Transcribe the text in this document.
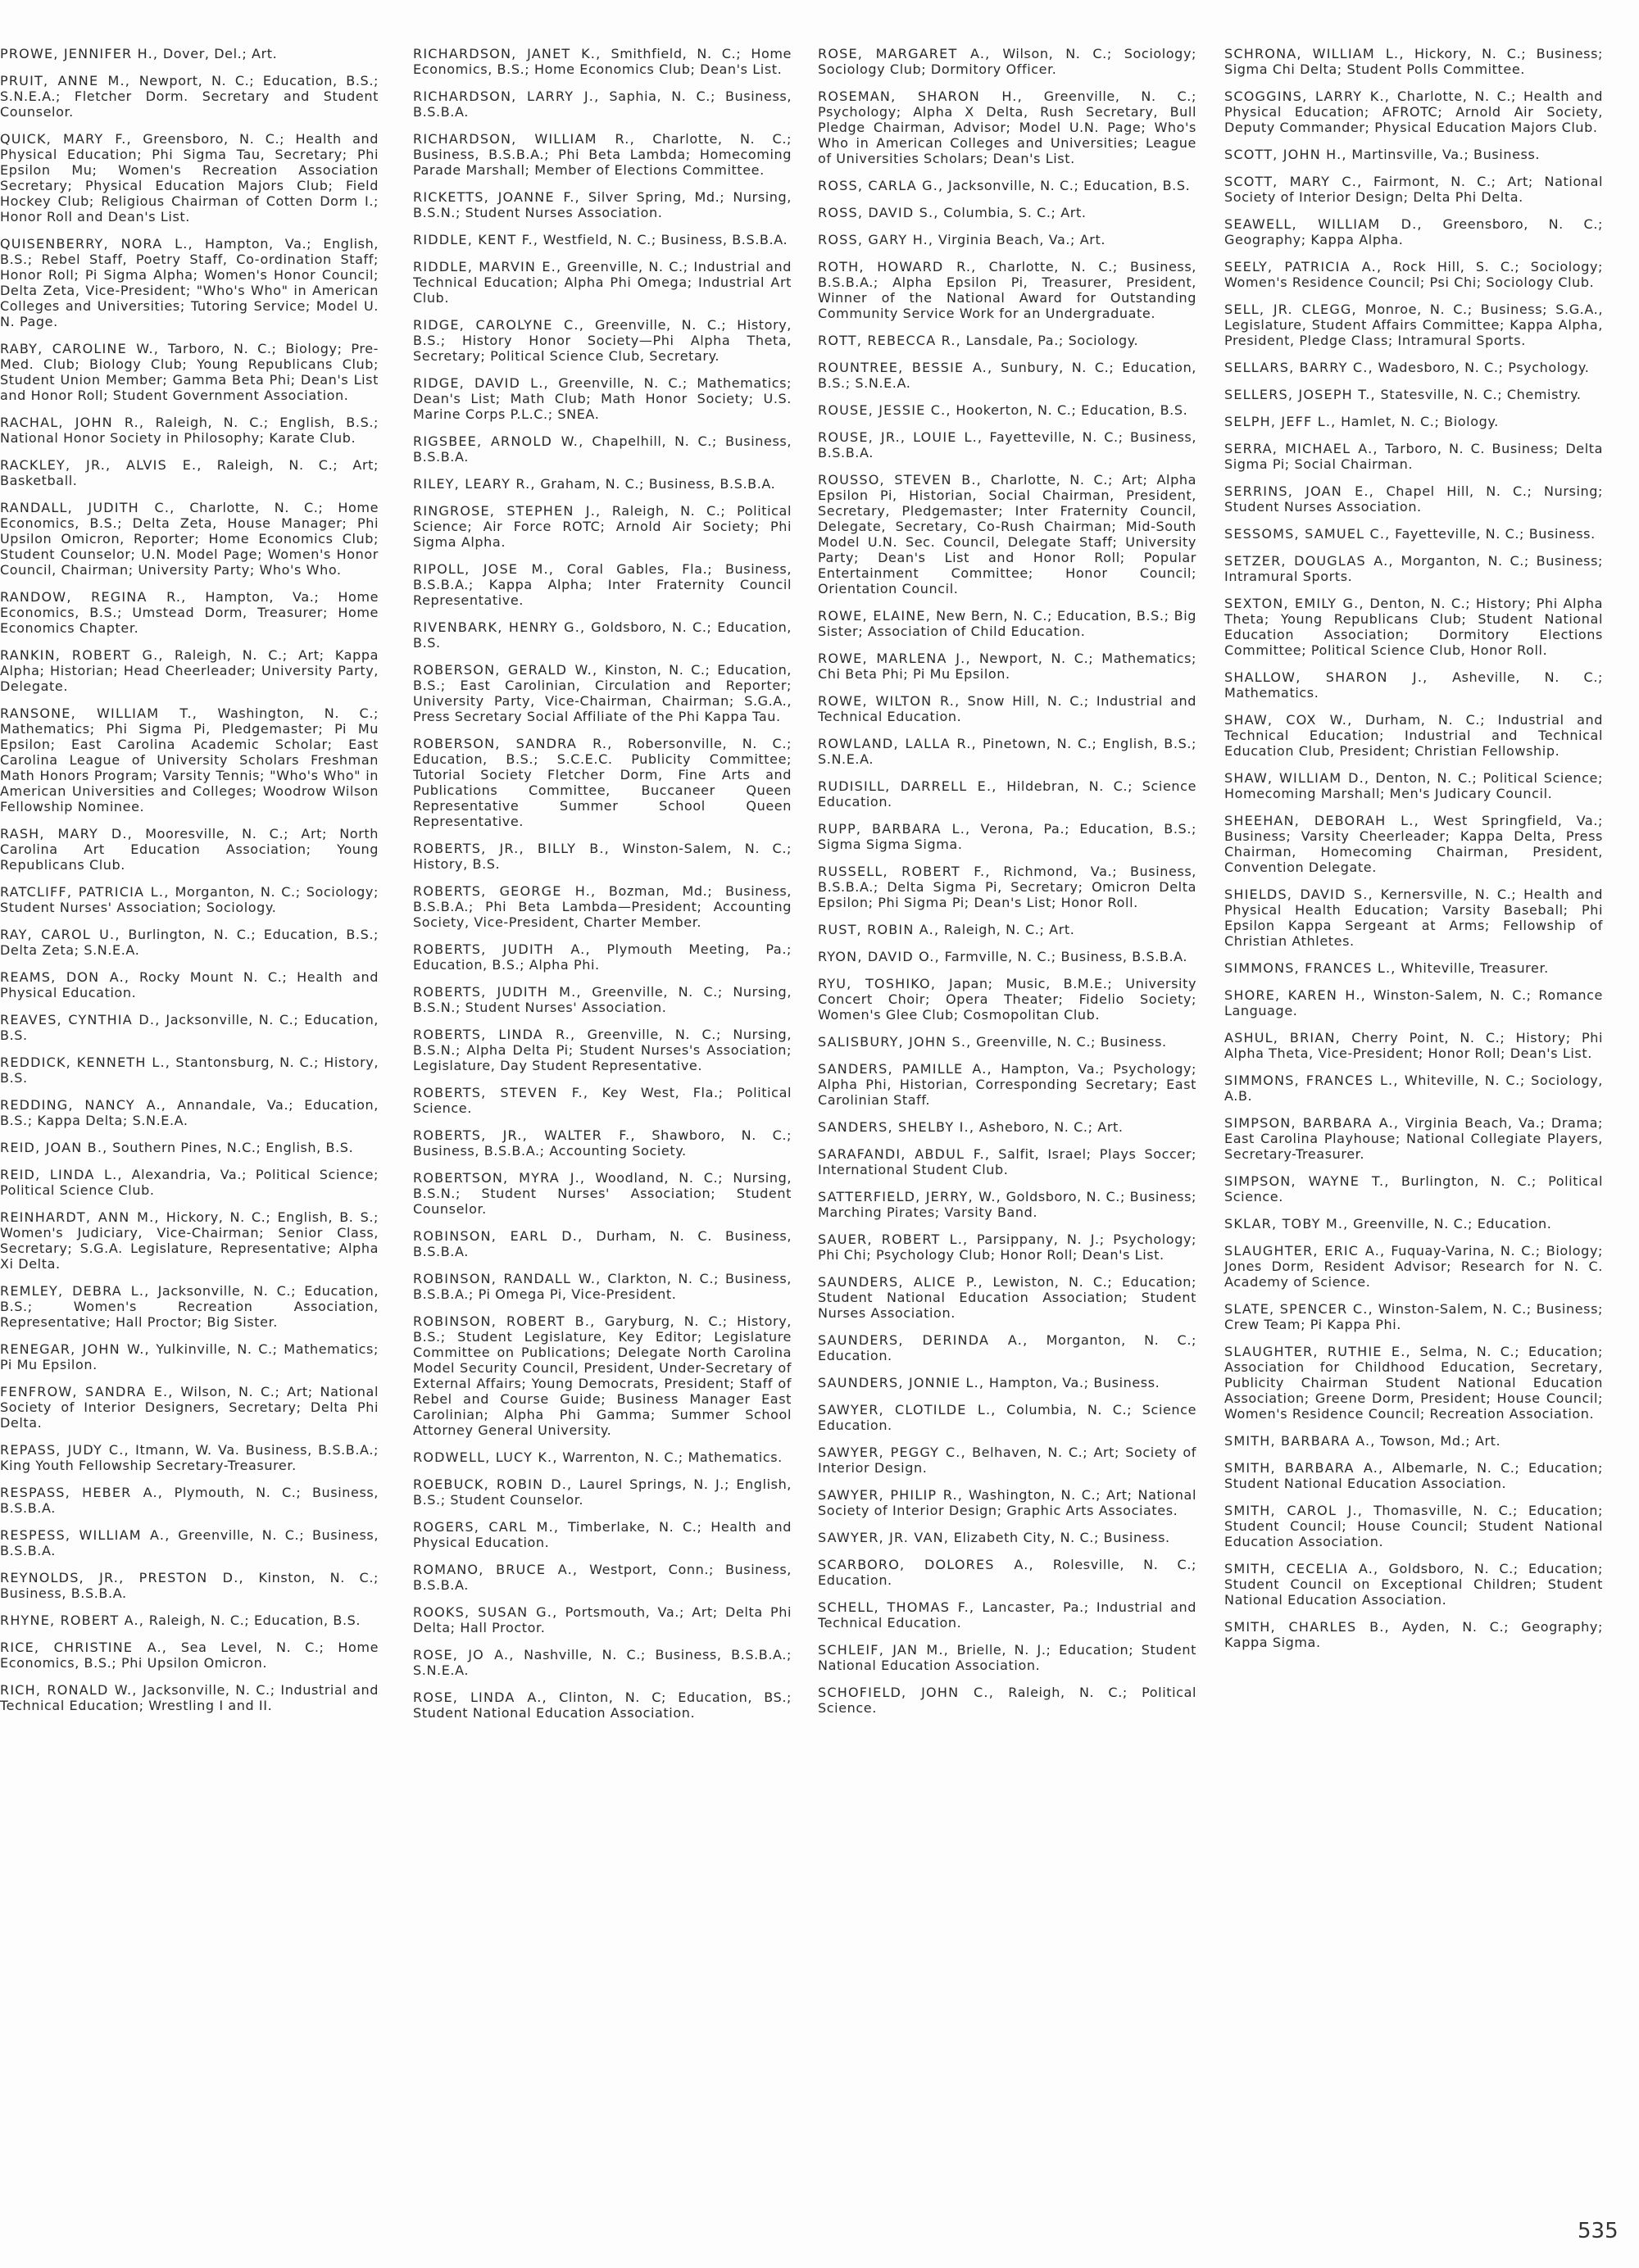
PROWE, JENNIFER H., Dover, Del.; Art.
PRUIT, ANNE M., Newport, N. C.; Education, B.S.; S.N.E.A.; Fletcher Dorm. Secretary and Student Counselor.
QUICK, MARY F., Greensboro, N. C.; Health and Physical Education; Phi Sigma Tau, Secretary; Phi Epsilon Mu; Women's Recreation Association Secretary; Physical Education Majors Club; Field Hockey Club; Religious Chairman of Cotten Dorm I.; Honor Roll and Dean's List.
QUISENBERRY, NORA L., Hampton, Va.; English, B.S.; Rebel Staff, Poetry Staff, Co-ordination Staff; Honor Roll; Pi Sigma Alpha; Women's Honor Council; Delta Zeta, Vice-President; "Who's Who" in American Colleges and Universities; Tutoring Service; Model U. N. Page.
RABY, CAROLINE W., Tarboro, N. C.; Biology; Pre-Med. Club; Biology Club; Young Republicans Club; Student Union Member; Gamma Beta Phi; Dean's List and Honor Roll; Student Government Association.
RACHAL, JOHN R., Raleigh, N. C.; English, B.S.; National Honor Society in Philosophy; Karate Club.
RACKLEY, JR., ALVIS E., Raleigh, N. C.; Art; Basketball.
RANDALL, JUDITH C., Charlotte, N. C.; Home Economics, B.S.; Delta Zeta, House Manager; Phi Upsilon Omicron, Reporter; Home Economics Club; Student Counselor; U.N. Model Page; Women's Honor Council, Chairman; University Party; Who's Who.
RANDOW, REGINA R., Hampton, Va.; Home Economics, B.S.; Umstead Dorm, Treasurer; Home Economics Chapter.
RANKIN, ROBERT G., Raleigh, N. C.; Art; Kappa Alpha; Historian; Head Cheerleader; University Party, Delegate.
RANSONE, WILLIAM T., Washington, N. C.; Mathematics; Phi Sigma Pi, Pledgemaster; Pi Mu Epsilon; East Carolina Academic Scholar; East Carolina League of University Scholars Freshman Math Honors Program; Varsity Tennis; "Who's Who" in American Universities and Colleges; Woodrow Wilson Fellowship Nominee.
RASH, MARY D., Mooresville, N. C.; Art; North Carolina Art Education Association; Young Republicans Club.
RATCLIFF, PATRICIA L., Morganton, N. C.; Sociology; Student Nurses' Association; Sociology.
RAY, CAROL U., Burlington, N. C.; Education, B.S.; Delta Zeta; S.N.E.A.
REAMS, DON A., Rocky Mount N. C.; Health and Physical Education.
REAVES, CYNTHIA D., Jacksonville, N. C.; Education, B.S.
REDDICK, KENNETH L., Stantonsburg, N. C.; History, B.S.
REDDING, NANCY A., Annandale, Va.; Education, B.S.; Kappa Delta; S.N.E.A.
REID, JOAN B., Southern Pines, N.C.; English, B.S.
REID, LINDA L., Alexandria, Va.; Political Science; Political Science Club.
REINHARDT, ANN M., Hickory, N. C.; English, B. S.; Women's Judiciary, Vice-Chairman; Senior Class, Secretary; S.G.A. Legislature, Representative; Alpha Xi Delta.
REMLEY, DEBRA L., Jacksonville, N. C.; Education, B.S.; Women's Recreation Association, Representative; Hall Proctor; Big Sister.
RENEGAR, JOHN W., Yulkinville, N. C.; Mathematics; Pi Mu Epsilon.
FENFROW, SANDRA E., Wilson, N. C.; Art; National Society of Interior Designers, Secretary; Delta Phi Delta.
REPASS, JUDY C., Itmann, W. Va. Business, B.S.B.A.; King Youth Fellowship Secretary-Treasurer.
RESPASS, HEBER A., Plymouth, N. C.; Business, B.S.B.A.
RESPESS, WILLIAM A., Greenville, N. C.; Business, B.S.B.A.
REYNOLDS, JR., PRESTON D., Kinston, N. C.; Business, B.S.B.A.
RHYNE, ROBERT A., Raleigh, N. C.; Education, B.S.
RICE, CHRISTINE A., Sea Level, N. C.; Home Economics, B.S.; Phi Upsilon Omicron.
RICH, RONALD W., Jacksonville, N. C.; Industrial and Technical Education; Wrestling I and II.
RICHARDSON, JANET K., Smithfield, N. C.; Home Economics, B.S.; Home Economics Club; Dean's List.
RICHARDSON, LARRY J., Saphia, N. C.; Business, B.S.B.A.
RICHARDSON, WILLIAM R., Charlotte, N. C.; Business, B.S.B.A.; Phi Beta Lambda; Homecoming Parade Marshall; Member of Elections Committee.
RICKETTS, JOANNE F., Silver Spring, Md.; Nursing, B.S.N.; Student Nurses Association.
RIDDLE, KENT F., Westfield, N. C.; Business, B.S.B.A.
RIDDLE, MARVIN E., Greenville, N. C.; Industrial and Technical Education; Alpha Phi Omega; Industrial Art Club.
RIDGE, CAROLYNE C., Greenville, N. C.; History, B.S.; History Honor Society—Phi Alpha Theta, Secretary; Political Science Club, Secretary.
RIDGE, DAVID L., Greenville, N. C.; Mathematics; Dean's List; Math Club; Math Honor Society; U.S. Marine Corps P.L.C.; SNEA.
RIGSBEE, ARNOLD W., Chapelhill, N. C.; Business, B.S.B.A.
RILEY, LEARY R., Graham, N. C.; Business, B.S.B.A.
RINGROSE, STEPHEN J., Raleigh, N. C.; Political Science; Air Force ROTC; Arnold Air Society; Phi Sigma Alpha.
RIPOLL, JOSE M., Coral Gables, Fla.; Business, B.S.B.A.; Kappa Alpha; Inter Fraternity Council Representative.
RIVENBARK, HENRY G., Goldsboro, N. C.; Education, B.S.
ROBERSON, GERALD W., Kinston, N. C.; Education, B.S.; East Carolinian, Circulation and Reporter; University Party, Vice-Chairman, Chairman; S.G.A., Press Secretary Social Affiliate of the Phi Kappa Tau.
ROBERSON, SANDRA R., Robersonville, N. C.; Education, B.S.; S.C.E.C. Publicity Committee; Tutorial Society Fletcher Dorm, Fine Arts and Publications Committee, Buccaneer Queen Representative Summer School Queen Representative.
ROBERTS, JR., BILLY B., Winston-Salem, N. C.; History, B.S.
ROBERTS, GEORGE H., Bozman, Md.; Business, B.S.B.A.; Phi Beta Lambda—President; Accounting Society, Vice-President, Charter Member.
ROBERTS, JUDITH A., Plymouth Meeting, Pa.; Education, B.S.; Alpha Phi.
ROBERTS, JUDITH M., Greenville, N. C.; Nursing, B.S.N.; Student Nurses' Association.
ROBERTS, LINDA R., Greenville, N. C.; Nursing, B.S.N.; Alpha Delta Pi; Student Nurses's Association; Legislature, Day Student Representative.
ROBERTS, STEVEN F., Key West, Fla.; Political Science.
ROBERTS, JR., WALTER F., Shawboro, N. C.; Business, B.S.B.A.; Accounting Society.
ROBERTSON, MYRA J., Woodland, N. C.; Nursing, B.S.N.; Student Nurses' Association; Student Counselor.
ROBINSON, EARL D., Durham, N. C. Business, B.S.B.A.
ROBINSON, RANDALL W., Clarkton, N. C.; Business, B.S.B.A.; Pi Omega Pi, Vice-President.
ROBINSON, ROBERT B., Garyburg, N. C.; History, B.S.; Student Legislature, Key Editor; Legislature Committee on Publications; Delegate North Carolina Model Security Council, President, Under-Secretary of External Affairs; Young Democrats, President; Staff of Rebel and Course Guide; Business Manager East Carolinian; Alpha Phi Gamma; Summer School Attorney General University.
RODWELL, LUCY K., Warrenton, N. C.; Mathematics.
ROEBUCK, ROBIN D., Laurel Springs, N. J.; English, B.S.; Student Counselor.
ROGERS, CARL M., Timberlake, N. C.; Health and Physical Education.
ROMANO, BRUCE A., Westport, Conn.; Business, B.S.B.A.
ROOKS, SUSAN G., Portsmouth, Va.; Art; Delta Phi Delta; Hall Proctor.
ROSE, JO A., Nashville, N. C.; Business, B.S.B.A.; S.N.E.A.
ROSE, LINDA A., Clinton, N. C; Education, BS.; Student National Education Association.
ROSE, MARGARET A., Wilson, N. C.; Sociology; Sociology Club; Dormitory Officer.
ROSEMAN, SHARON H., Greenville, N. C.; Psychology; Alpha X Delta, Rush Secretary, Bull Pledge Chairman, Advisor; Model U.N. Page; Who's Who in American Colleges and Universities; League of Universities Scholars; Dean's List.
ROSS, CARLA G., Jacksonville, N. C.; Education, B.S.
ROSS, DAVID S., Columbia, S. C.; Art.
ROSS, GARY H., Virginia Beach, Va.; Art.
ROTH, HOWARD R., Charlotte, N. C.; Business, B.S.B.A.; Alpha Epsilon Pi, Treasurer, President, Winner of the National Award for Outstanding Community Service Work for an Undergraduate.
ROTT, REBECCA R., Lansdale, Pa.; Sociology.
ROUNTREE, BESSIE A., Sunbury, N. C.; Education, B.S.; S.N.E.A.
ROUSE, JESSIE C., Hookerton, N. C.; Education, B.S.
ROUSE, JR., LOUIE L., Fayetteville, N. C.; Business, B.S.B.A.
ROUSSO, STEVEN B., Charlotte, N. C.; Art; Alpha Epsilon Pi, Historian, Social Chairman, President, Secretary, Pledgemaster; Inter Fraternity Council, Delegate, Secretary, Co-Rush Chairman; Mid-South Model U.N. Sec. Council, Delegate Staff; University Party; Dean's List and Honor Roll; Popular Entertainment Committee; Honor Council; Orientation Council.
ROWE, ELAINE, New Bern, N. C.; Education, B.S.; Big Sister; Association of Child Education.
ROWE, MARLENA J., Newport, N. C.; Mathematics; Chi Beta Phi; Pi Mu Epsilon.
ROWE, WILTON R., Snow Hill, N. C.; Industrial and Technical Education.
ROWLAND, LALLA R., Pinetown, N. C.; English, B.S.; S.N.E.A.
RUDISILL, DARRELL E., Hildebran, N. C.; Science Education.
RUPP, BARBARA L., Verona, Pa.; Education, B.S.; Sigma Sigma Sigma.
RUSSELL, ROBERT F., Richmond, Va.; Business, B.S.B.A.; Delta Sigma Pi, Secretary; Omicron Delta Epsilon; Phi Sigma Pi; Dean's List; Honor Roll.
RUST, ROBIN A., Raleigh, N. C.; Art.
RYON, DAVID O., Farmville, N. C.; Business, B.S.B.A.
RYU, TOSHIKO, Japan; Music, B.M.E.; University Concert Choir; Opera Theater; Fidelio Society; Women's Glee Club; Cosmopolitan Club.
SALISBURY, JOHN S., Greenville, N. C.; Business.
SANDERS, PAMILLE A., Hampton, Va.; Psychology; Alpha Phi, Historian, Corresponding Secretary; East Carolinian Staff.
SANDERS, SHELBY I., Asheboro, N. C.; Art.
SARAFANDI, ABDUL F., Salfit, Israel; Plays Soccer; International Student Club.
SATTERFIELD, JERRY, W., Goldsboro, N. C.; Business; Marching Pirates; Varsity Band.
SAUER, ROBERT L., Parsippany, N. J.; Psychology; Phi Chi; Psychology Club; Honor Roll; Dean's List.
SAUNDERS, ALICE P., Lewiston, N. C.; Education; Student National Education Association; Student Nurses Association.
SAUNDERS, DERINDA A., Morganton, N. C.; Education.
SAUNDERS, JONNIE L., Hampton, Va.; Business.
SAWYER, CLOTILDE L., Columbia, N. C.; Science Education.
SAWYER, PEGGY C., Belhaven, N. C.; Art; Society of Interior Design.
SAWYER, PHILIP R., Washington, N. C.; Art; National Society of Interior Design; Graphic Arts Associates.
SAWYER, JR. VAN, Elizabeth City, N. C.; Business.
SCARBORO, DOLORES A., Rolesville, N. C.; Education.
SCHELL, THOMAS F., Lancaster, Pa.; Industrial and Technical Education.
SCHLEIF, JAN M., Brielle, N. J.; Education; Student National Education Association.
SCHOFIELD, JOHN C., Raleigh, N. C.; Political Science.
SCHRONA, WILLIAM L., Hickory, N. C.; Business; Sigma Chi Delta; Student Polls Committee.
SCOGGINS, LARRY K., Charlotte, N. C.; Health and Physical Education; AFROTC; Arnold Air Society, Deputy Commander; Physical Education Majors Club.
SCOTT, JOHN H., Martinsville, Va.; Business.
SCOTT, MARY C., Fairmont, N. C.; Art; National Society of Interior Design; Delta Phi Delta.
SEAWELL, WILLIAM D., Greensboro, N. C.; Geography; Kappa Alpha.
SEELY, PATRICIA A., Rock Hill, S. C.; Sociology; Women's Residence Council; Psi Chi; Sociology Club.
SELL, JR. CLEGG, Monroe, N. C.; Business; S.G.A., Legislature, Student Affairs Committee; Kappa Alpha, President, Pledge Class; Intramural Sports.
SELLARS, BARRY C., Wadesboro, N. C.; Psychology.
SELLERS, JOSEPH T., Statesville, N. C.; Chemistry.
SELPH, JEFF L., Hamlet, N. C.; Biology.
SERRA, MICHAEL A., Tarboro, N. C. Business; Delta Sigma Pi; Social Chairman.
SERRINS, JOAN E., Chapel Hill, N. C.; Nursing; Student Nurses Association.
SESSOMS, SAMUEL C., Fayetteville, N. C.; Business.
SETZER, DOUGLAS A., Morganton, N. C.; Business; Intramural Sports.
SEXTON, EMILY G., Denton, N. C.; History; Phi Alpha Theta; Young Republicans Club; Student National Education Association; Dormitory Elections Committee; Political Science Club, Honor Roll.
SHALLOW, SHARON J., Asheville, N. C.; Mathematics.
SHAW, COX W., Durham, N. C.; Industrial and Technical Education; Industrial and Technical Education Club, President; Christian Fellowship.
SHAW, WILLIAM D., Denton, N. C.; Political Science; Homecoming Marshall; Men's Judicary Council.
SHEEHAN, DEBORAH L., West Springfield, Va.; Business; Varsity Cheerleader; Kappa Delta, Press Chairman, Homecoming Chairman, President, Convention Delegate.
SHIELDS, DAVID S., Kernersville, N. C.; Health and Physical Health Education; Varsity Baseball; Phi Epsilon Kappa Sergeant at Arms; Fellowship of Christian Athletes.
SIMMONS, FRANCES L., Whiteville, Treasurer.
SHORE, KAREN H., Winston-Salem, N. C.; Romance Language.
ASHUL, BRIAN, Cherry Point, N. C.; History; Phi Alpha Theta, Vice-President; Honor Roll; Dean's List.
SIMMONS, FRANCES L., Whiteville, N. C.; Sociology, A.B.
SIMPSON, BARBARA A., Virginia Beach, Va.; Drama; East Carolina Playhouse; National Collegiate Players, Secretary-Treasurer.
SIMPSON, WAYNE T., Burlington, N. C.; Political Science.
SKLAR, TOBY M., Greenville, N. C.; Education.
SLAUGHTER, ERIC A., Fuquay-Varina, N. C.; Biology; Jones Dorm, Resident Advisor; Research for N. C. Academy of Science.
SLATE, SPENCER C., Winston-Salem, N. C.; Business; Crew Team; Pi Kappa Phi.
SLAUGHTER, RUTHIE E., Selma, N. C.; Education; Association for Childhood Education, Secretary, Publicity Chairman Student National Education Association; Greene Dorm, President; House Council; Women's Residence Council; Recreation Association.
SMITH, BARBARA A., Towson, Md.; Art.
SMITH, BARBARA A., Albemarle, N. C.; Education; Student National Education Association.
SMITH, CAROL J., Thomasville, N. C.; Education; Student Council; House Council; Student National Education Association.
SMITH, CECELIA A., Goldsboro, N. C.; Education; Student Council on Exceptional Children; Student National Education Association.
SMITH, CHARLES B., Ayden, N. C.; Geography; Kappa Sigma.
535
